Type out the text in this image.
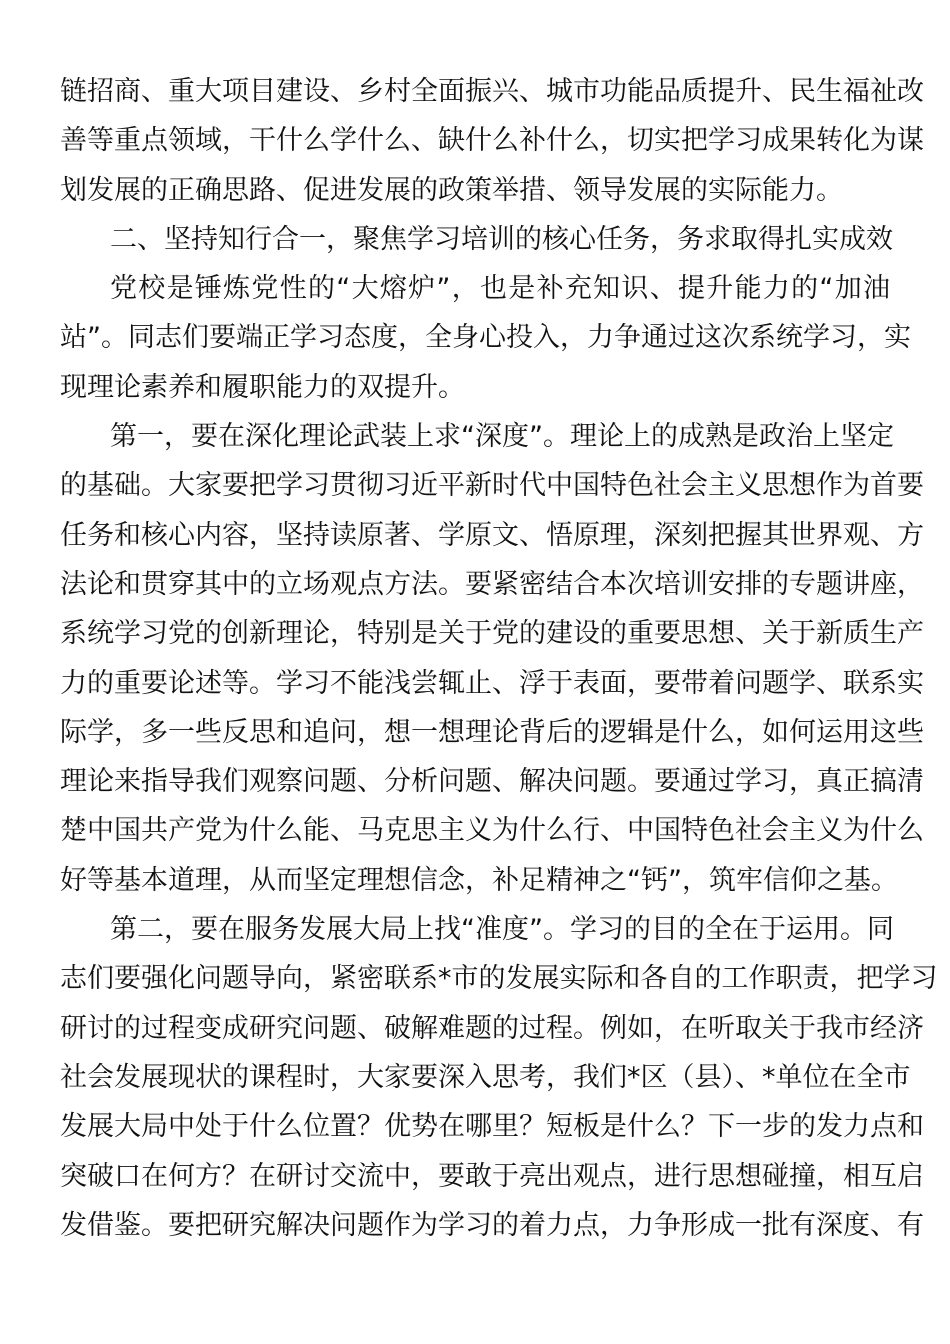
链招商、重大项目建设、乡村全面振兴、城市功能品质提升、民生福祉改
善等重点领域，干什么学什么、缺什么补什么，切实把学习成果转化为谋
划发展的正确思路、促进发展的政策举措、领导发展的实际能力。
二、坚持知行合一，聚焦学习培训的核心任务，务求取得扎实成效
党校是锤炼党性的“大熔炉”，也是补充知识、提升能力的“加油
站”。同志们要端正学习态度，全身心投入，力争通过这次系统学习，实
现理论素养和履职能力的双提升。
第一，要在深化理论武装上求“深度”。理论上的成熟是政治上坚定
的基础。大家要把学习贯彻习近平新时代中国特色社会主义思想作为首要
任务和核心内容，坚持读原著、学原文、悟原理，深刻把握其世界观、方
法论和贯穿其中的立场观点方法。要紧密结合本次培训安排的专题讲座，
系统学习党的创新理论，特别是关于党的建设的重要思想、关于新质生产
力的重要论述等。学习不能浅尝辄止、浮于表面，要带着问题学、联系实
际学，多一些反思和追问，想一想理论背后的逻辑是什么，如何运用这些
理论来指导我们观察问题、分析问题、解决问题。要通过学习，真正搞清
楚中国共产党为什么能、马克思主义为什么行、中国特色社会主义为什么
好等基本道理，从而坚定理想信念，补足精神之“钙”，筑牢信仰之基。
第二，要在服务发展大局上找“准度”。学习的目的全在于运用。同
志们要强化问题导向，紧密联系*市的发展实际和各自的工作职责，把学习
研讨的过程变成研究问题、破解难题的过程。例如，在听取关于我市经济
社会发展现状的课程时，大家要深入思考，我们*区（县）、*单位在全市
发展大局中处于什么位置？优势在哪里？短板是什么？下一步的发力点和
突破口在何方？在研讨交流中，要敢于亮出观点，进行思想碰撞，相互启
发借鉴。要把研究解决问题作为学习的着力点，力争形成一批有深度、有
